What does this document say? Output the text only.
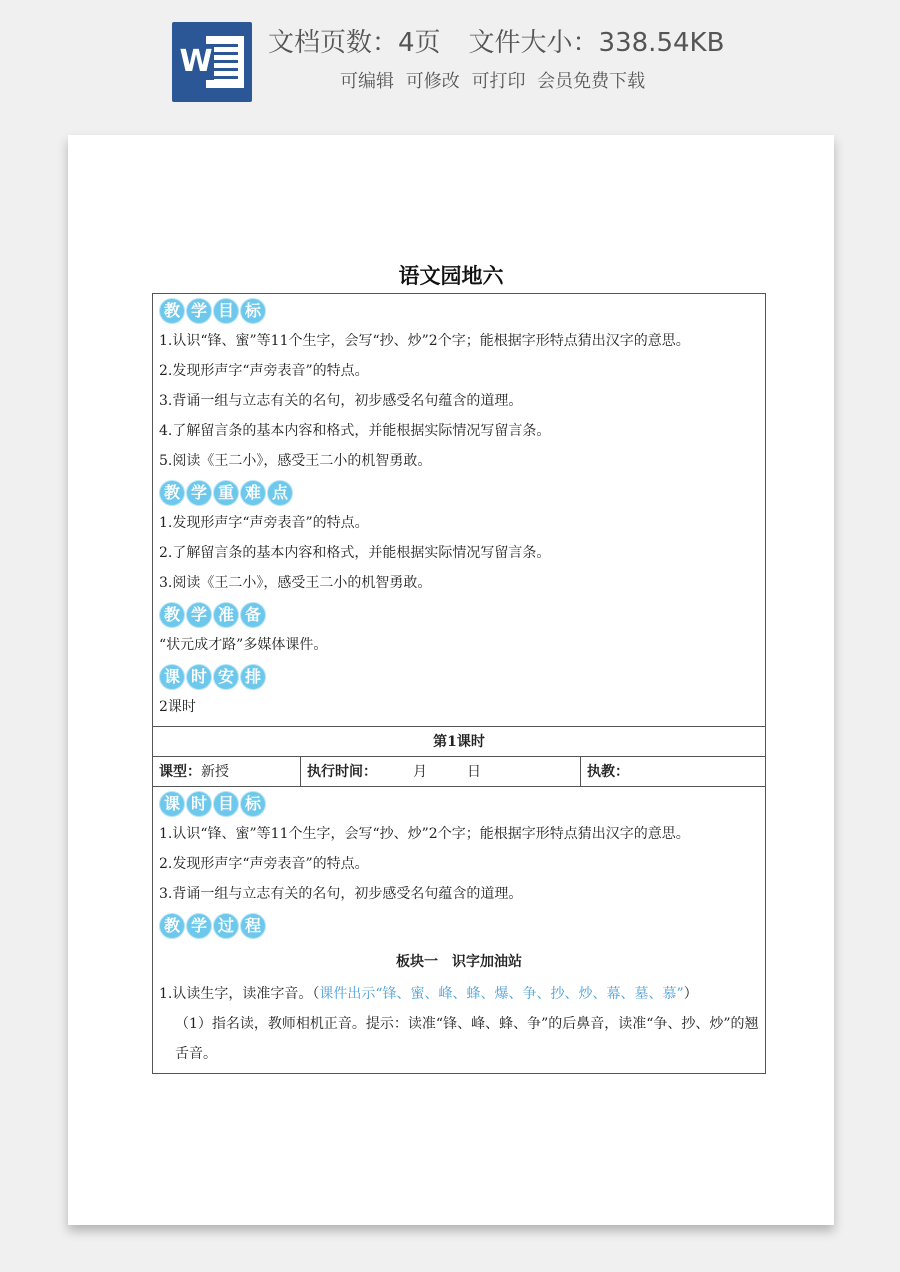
W
文档页数：4页 文件大小：338.54KB
可编辑 可修改 可打印 会员免费下载
语文园地六
教 学 目 标
1.认识“锋、蜜”等11个生字，会写“抄、炒”2个字；能根据字形特点猜出汉字的意思。
2.发现形声字“声旁表音”的特点。
3.背诵一组与立志有关的名句，初步感受名句蕴含的道理。
4.了解留言条的基本内容和格式，并能根据实际情况写留言条。
5.阅读《王二小》，感受王二小的机智勇敢。
教 学 重 难 点
1.发现形声字“声旁表音”的特点。
2.了解留言条的基本内容和格式，并能根据实际情况写留言条。
3.阅读《王二小》，感受王二小的机智勇敢。
教 学 准 备
“状元成才路”多媒体课件。
课 时 安 排
2课时
第1课时
课型：新授	执行时间：	月	日	执教：
课 时 目 标
1.认识“锋、蜜”等11个生字，会写“抄、炒”2个字；能根据字形特点猜出汉字的意思。
2.发现形声字“声旁表音”的特点。
3.背诵一组与立志有关的名句，初步感受名句蕴含的道理。
教 学 过 程
板块一　识字加油站
1.认读生字，读准字音。（课件出示“锋、蜜、峰、蜂、爆、争、抄、炒、幕、墓、慕”）
（1）指名读，教师相机正音。提示：读准“锋、峰、蜂、争”的后鼻音，读准“争、抄、炒”的翘舌音。
